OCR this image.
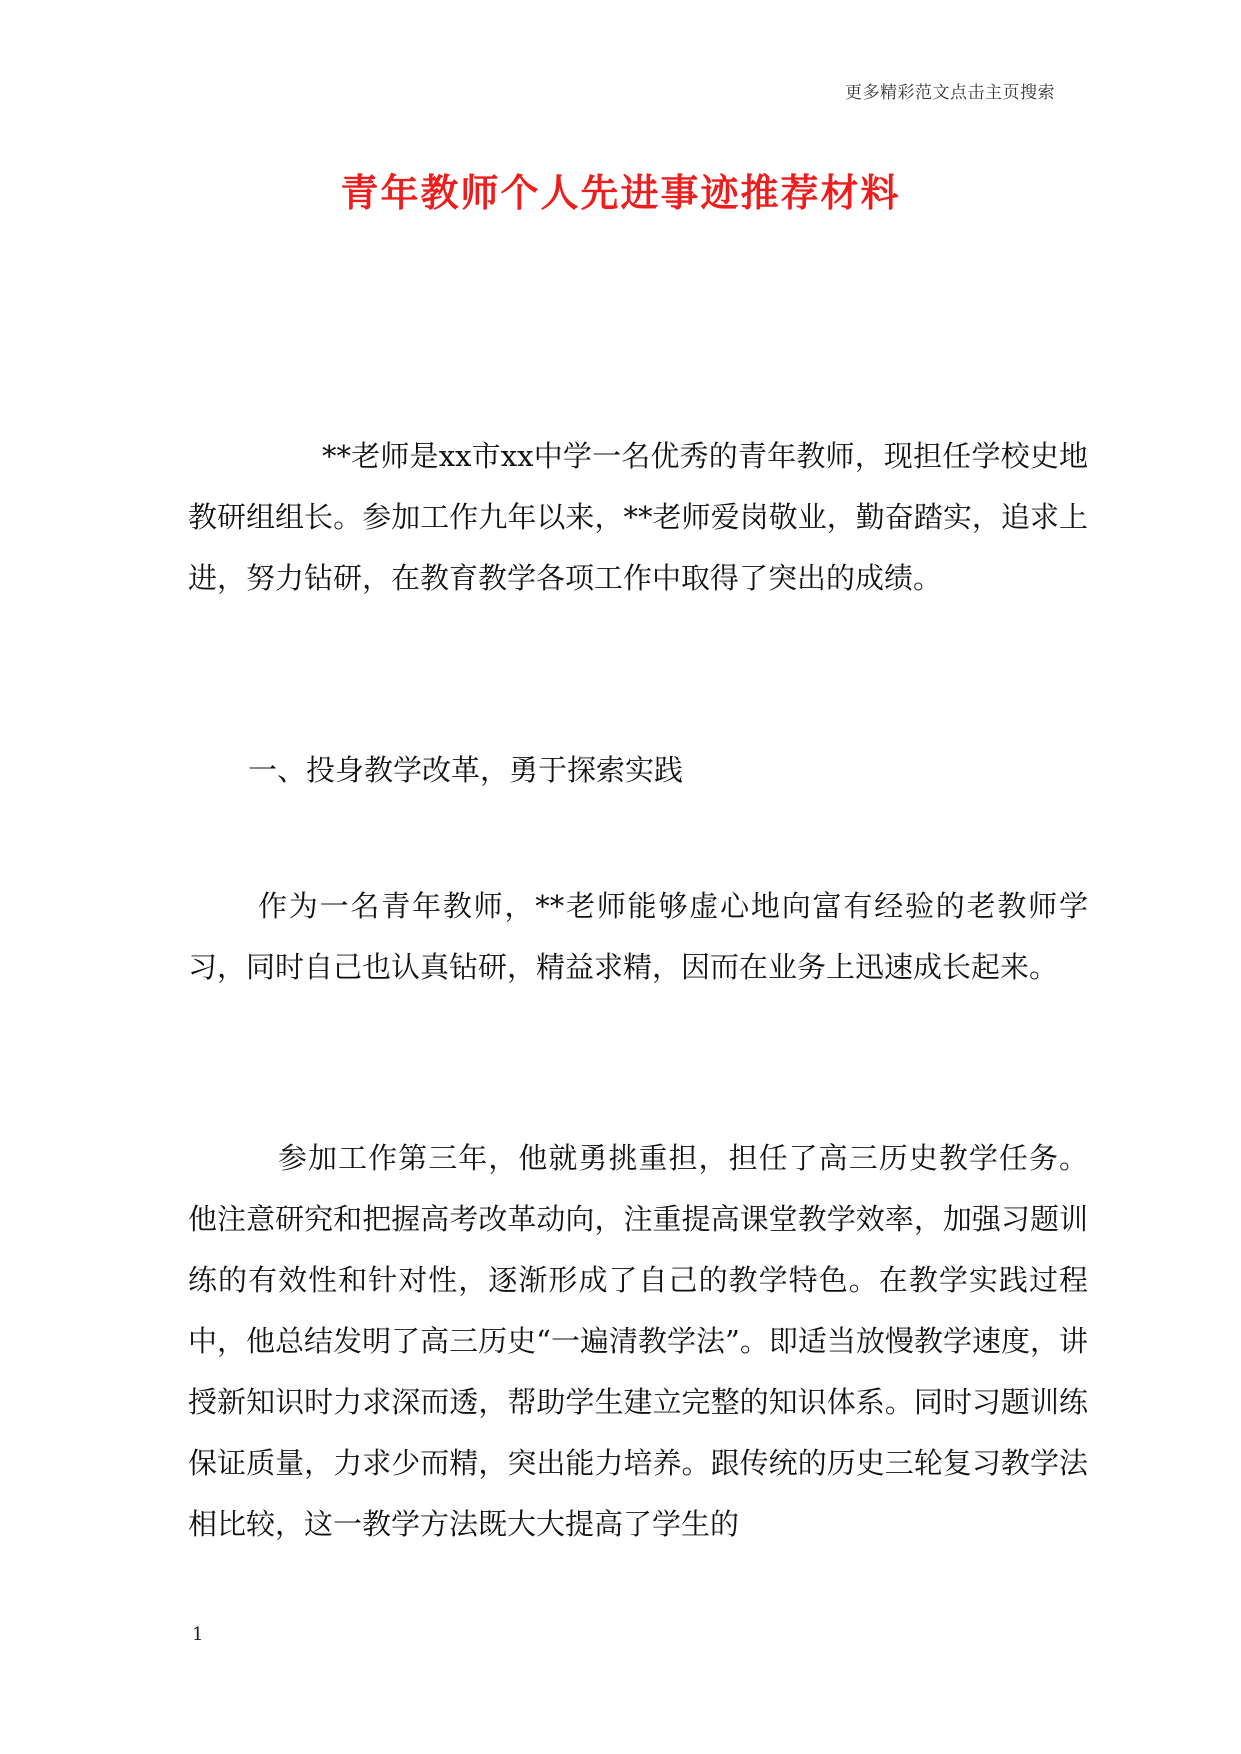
更多精彩范文点击主页搜索
青年教师个人先进事迹推荐材料

**老师是xx市xx中学一名优秀的青年教师，现担任学校史地教研组组长。参加工作九年以来，**老师爱岗敬业，勤奋踏实，追求上进，努力钻研，在教育教学各项工作中取得了突出的成绩。

一、投身教学改革，勇于探索实践

作为一名青年教师，**老师能够虚心地向富有经验的老教师学习，同时自己也认真钻研，精益求精，因而在业务上迅速成长起来。

参加工作第三年，他就勇挑重担，担任了高三历史教学任务。他注意研究和把握高考改革动向，注重提高课堂教学效率，加强习题训练的有效性和针对性，逐渐形成了自己的教学特色。在教学实践过程中，他总结发明了高三历史“一遍清教学法”。即适当放慢教学速度，讲授新知识时力求深而透，帮助学生建立完整的知识体系。同时习题训练保证质量，力求少而精，突出能力培养。跟传统的历史三轮复习教学法相比较，这一教学方法既大大提高了学生的

1
